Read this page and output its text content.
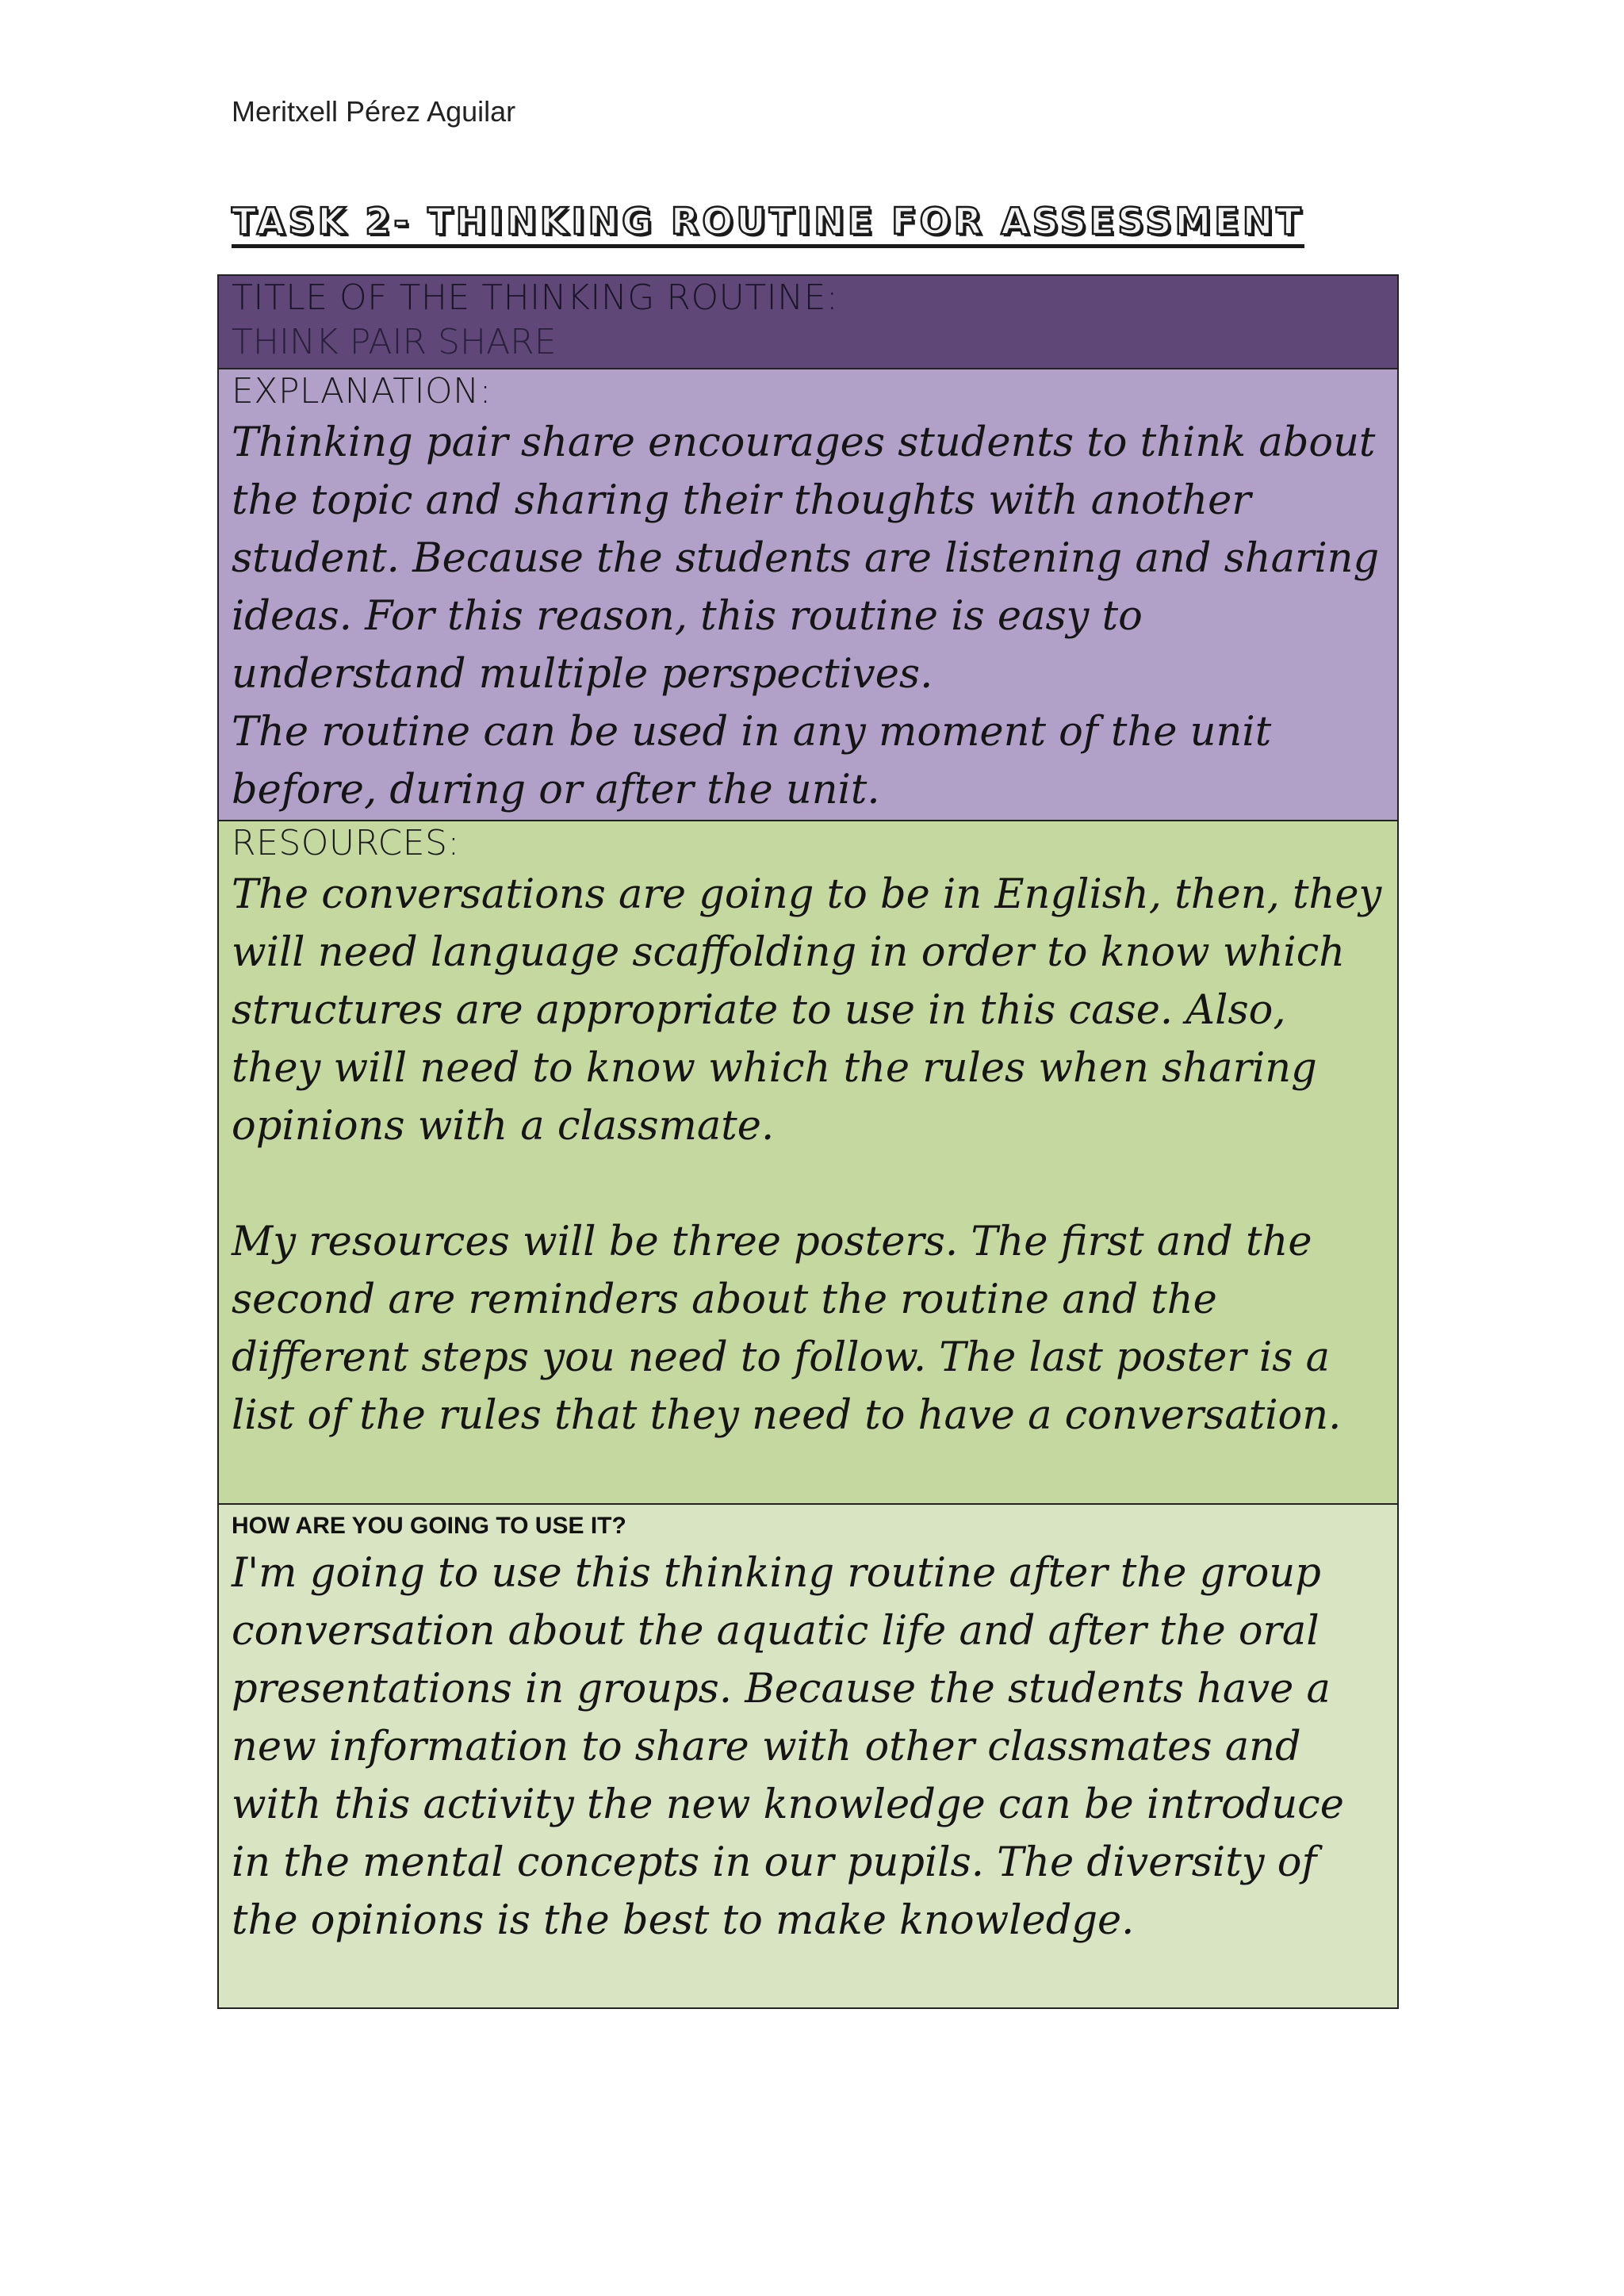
Meritxell Pérez Aguilar
TASK 2- THINKING ROUTINE FOR ASSESSMENT
TITLE OF THE THINKING ROUTINE:
THINK PAIR SHARE
EXPLANATION:

Thinking pair share encourages students to think about the topic and sharing their thoughts with another student. Because the students are listening and sharing ideas. For this reason, this routine is easy to understand multiple perspectives.

The routine can be used in any moment of the unit before, during or after the unit.

RESOURCES:

The conversations are going to be in English, then, they will need language scaffolding in order to know which structures are appropriate to use in this case. Also, they will need to know which the rules when sharing opinions with a classmate.

My resources will be three posters. The first and the second are reminders about the routine and the different steps you need to follow. The last poster is a list of the rules that they need to have a conversation.

HOW ARE YOU GOING TO USE IT?

I'm going to use this thinking routine after the group conversation about the aquatic life and after the oral presentations in groups. Because the students have a new information to share with other classmates and with this activity the new knowledge can be introduce in the mental concepts in our pupils. The diversity of the opinions is the best to make knowledge.
